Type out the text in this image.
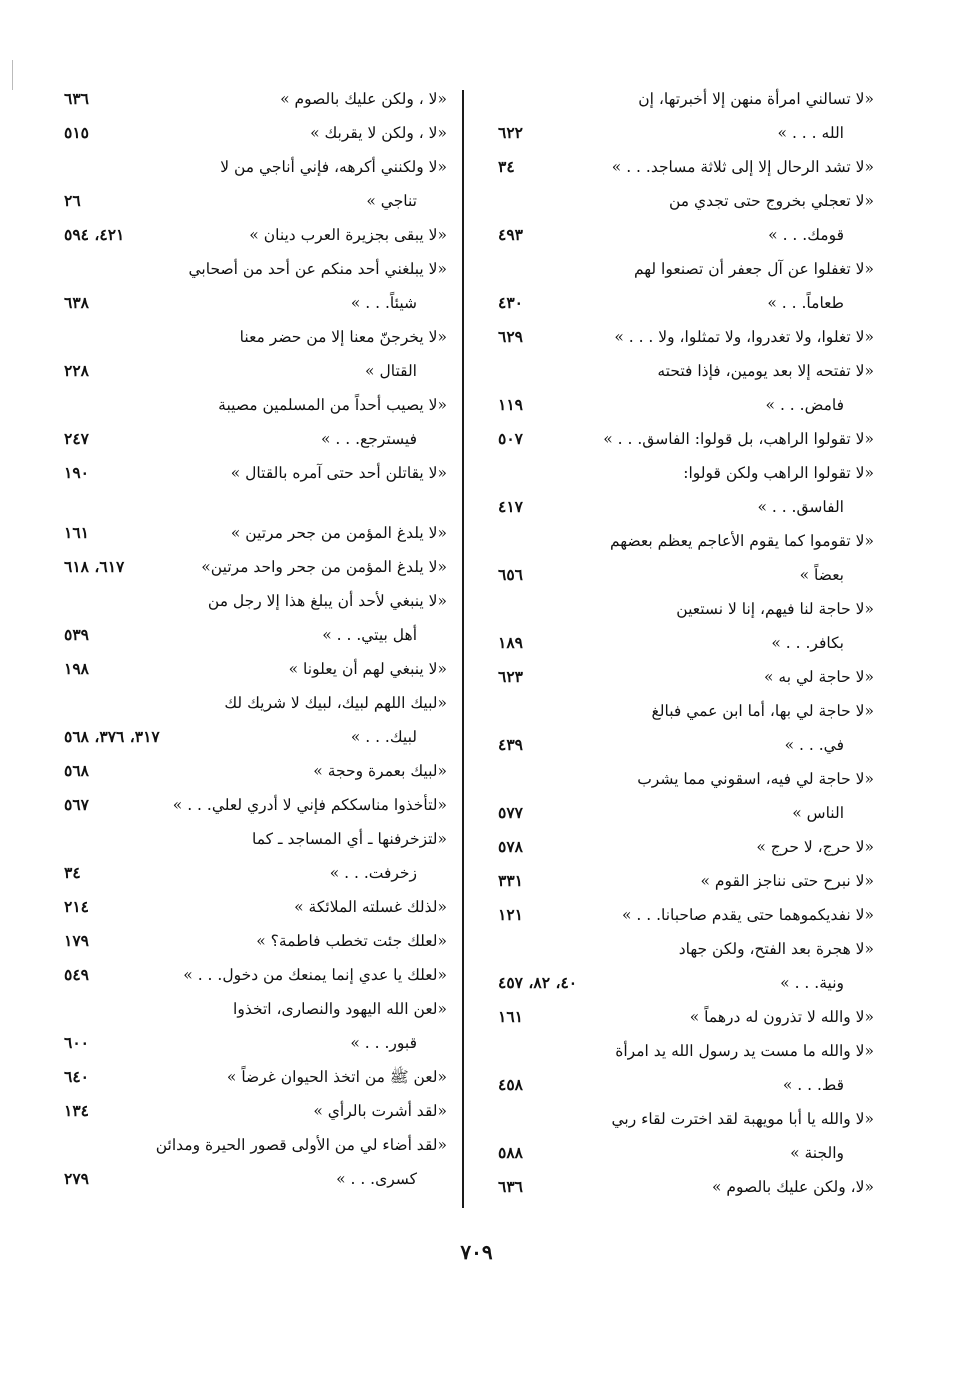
«لا تسالني امرأة منهن إلا أخبرتها، إن
الله . . . »
٦٢٢
«لا تشد الرحال إلا إلى ثلاثة مساجد. . . »
٣٤
«لا تعجلي بخروج حتى تجدي من
قومك. . . »
٤٩٣
«لا تغفلوا عن آل جعفر أن تصنعوا لهم
طعاماً. . . »
٤٣٠
«لا تغلوا، ولا تغدروا، ولا تمثلوا، ولا . . . »
٦٢٩
«لا تفتحه إلا بعد يومين، فإذا فتحته
فامض. . . »
١١٩
«لا تقولوا الراهب، بل قولوا: الفاسق. . . »
٥٠٧
«لا تقولوا الراهب ولكن قولوا:
الفاسق. . . »
٤١٧
«لا تقوموا كما يقوم الأعاجم يعظم بعضهم
بعضاً »
٦٥٦
«لا حاجة لنا فيهم، إنا لا نستعين
بكافر. . . »
١٨٩
«لا حاجة لي به »
٦٢٣
«لا حاجة لي بها، أما ابن عمي فبالغ
في. . . »
٤٣٩
«لا حاجة لي فيه، اسقوني مما يشرب
الناس »
٥٧٧
«لا حرج، لا حرج »
٥٧٨
«لا نبرح حتى نناجز القوم »
٣٣١
«لا نفديكموهما حتى يقدم صاحبانا. . . »
١٢١
«لا هجرة بعد الفتح، ولكن جهاد
ونية. . . »
٤٠، ٨٢، ٤٥٧
«لا والله لا تذرون له درهماً »
١٦١
«لا والله ما مست يد رسول الله يد امرأة
قط. . . »
٤٥٨
«لا والله يا أبا مويهبة لقد اخترت لقاء ربي
والجنة »
٥٨٨
«لا، ولكن عليك بالصوم »
٦٣٦
«لا ، ولكن عليك بالصوم »
٦٣٦
«لا ، ولكن لا يقربك »
٥١٥
«لا ولكنني أكرهه، فإني أناجي من لا
تناجي »
٢٦
«لا يبقى بجزيرة العرب دينان »
٤٢١، ٥٩٤
«لا يبلغني أحد منكم عن أحد من أصحابي
شيئاً. . . »
٦٣٨
«لا يخرجنّ معنا إلا من حضر معنا
القتال »
٢٢٨
«لا يصيب أحداً من المسلمين مصيبة
فيسترجع. . . »
٢٤٧
«لا يقاتلن أحد حتى آمره بالقتال »
١٩٠
«لا يلدغ المؤمن من جحر مرتين »
١٦١
«لا يلدغ المؤمن من جحر واحد مرتين»
٦١٧، ٦١٨
«لا ينبغي لأحد أن يبلغ هذا إلا رجل من
أهل بيتي. . . »
٥٣٩
«لا ينبغي لهم أن يعلونا »
١٩٨
«لبيك اللهم لبيك، لبيك لا شريك لك
لبيك. . . »
٣١٧، ٣٧٦، ٥٦٨
«لبيك بعمرة وحجة »
٥٦٨
«لتأخذوا مناسككم فإني لا أدري لعلي. . . »
٥٦٧
«لتزخرفنها ـ أي المساجد ـ كما
زخرفت. . . »
٣٤
«لذلك غسلته الملائكة »
٢١٤
«لعلك جئت تخطب فاطمة؟ »
١٧٩
«لعلك يا عدي إنما يمنعك من دخول. . . »
٥٤٩
«لعن الله اليهود والنصارى، اتخذوا
قبور. . . »
٦٠٠
«لعن ﷺ من اتخذ الحيوان غرضاً »
٦٤٠
«لقد أشرت بالرأي »
١٣٤
«لقد أضاء لي من الأولى قصور الحيرة ومدائن
كسرى. . . »
٢٧٩
٧٠٩
